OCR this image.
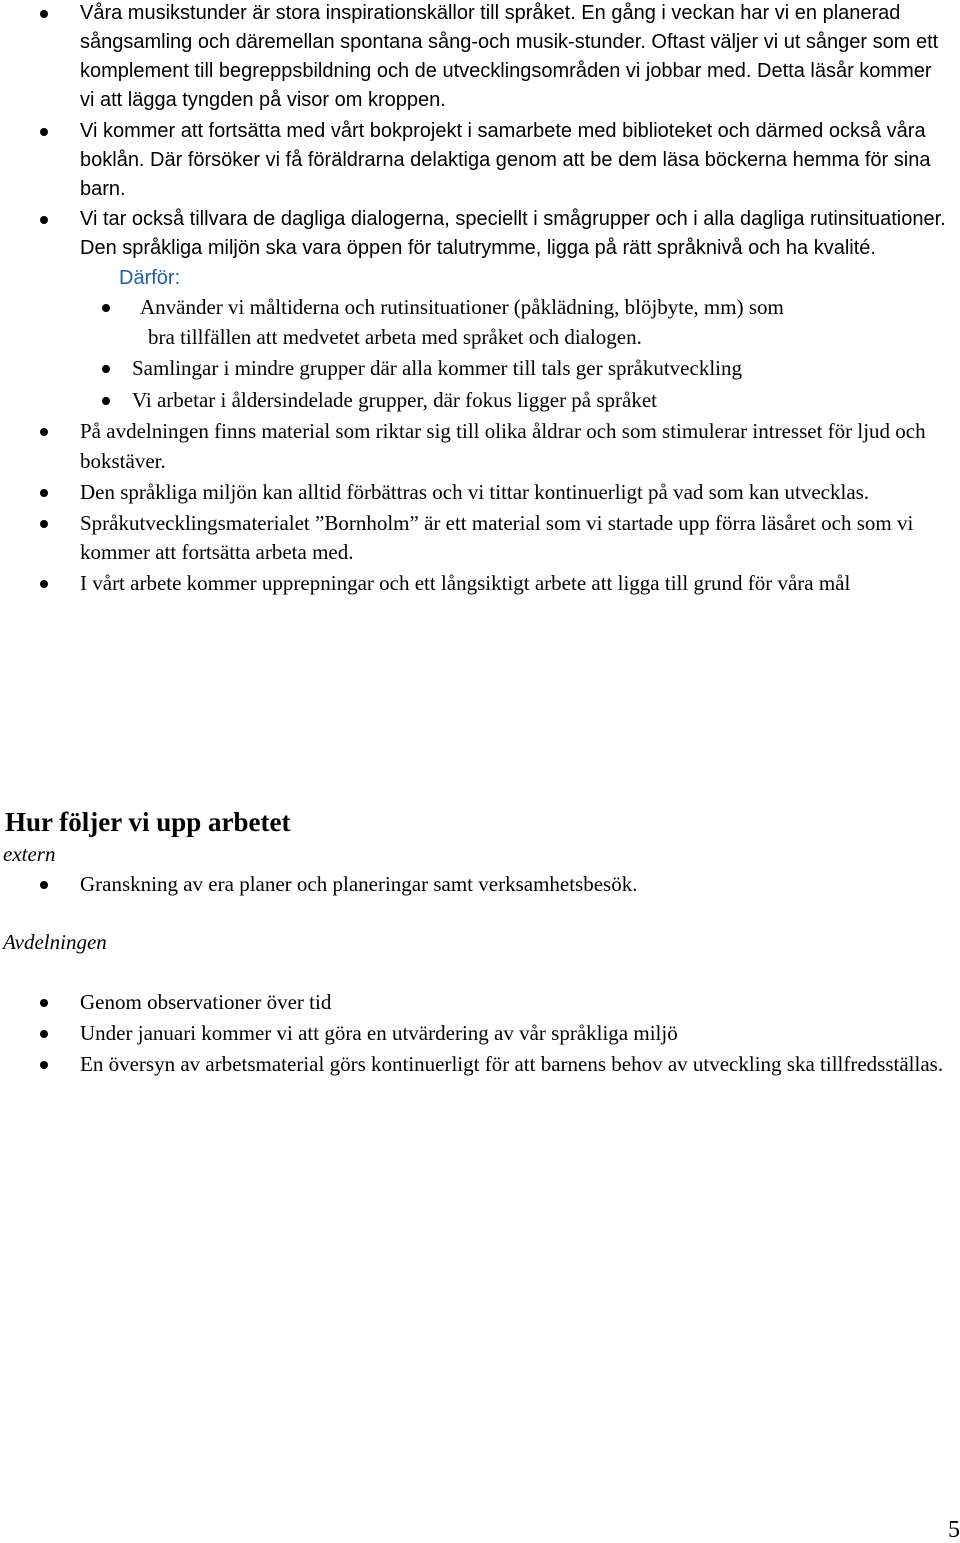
Våra musikstunder är stora inspirationskällor till språket. En gång i veckan har vi en planerad sångsamling och däremellan spontana sång-och musik-stunder. Oftast väljer vi ut sånger som ett komplement till begreppsbildning och de utvecklingsområden vi jobbar med. Detta läsår kommer vi att lägga tyngden på visor om kroppen.
Vi kommer att fortsätta med vårt bokprojekt i samarbete med biblioteket och därmed också våra boklån. Där försöker vi få föräldrarna delaktiga genom att be dem läsa böckerna hemma för sina barn.
Vi tar också tillvara de dagliga dialogerna, speciellt i smågrupper och i alla dagliga rutinsituationer. Den språkliga miljön ska vara öppen för talutrymme, ligga på rätt språknivå och ha kvalité.
Därför:
Använder vi måltiderna och rutinsituationer (påklädning, blöjbyte, mm) som
bra tillfällen att medvetet arbeta med språket och dialogen.
Samlingar i mindre grupper där alla kommer till tals ger språkutveckling
Vi arbetar i åldersindelade grupper, där fokus ligger på språket
På avdelningen finns material som riktar sig till olika åldrar och som stimulerar intresset för ljud och bokstäver.
Den språkliga miljön kan alltid förbättras och vi tittar kontinuerligt på vad som kan utvecklas.
Språkutvecklingsmaterialet ”Bornholm” är ett material som vi startade upp förra läsåret och som vi kommer att fortsätta arbeta med.
I vårt arbete kommer upprepningar och ett långsiktigt arbete att ligga till grund för våra mål
Hur följer vi upp arbetet
extern
Granskning av era planer och planeringar samt verksamhetsbesök.
Avdelningen
Genom observationer över tid
Under januari kommer vi att göra en utvärdering av vår språkliga miljö
En översyn av arbetsmaterial görs kontinuerligt för att barnens behov av utveckling ska tillfredsställas.
5
